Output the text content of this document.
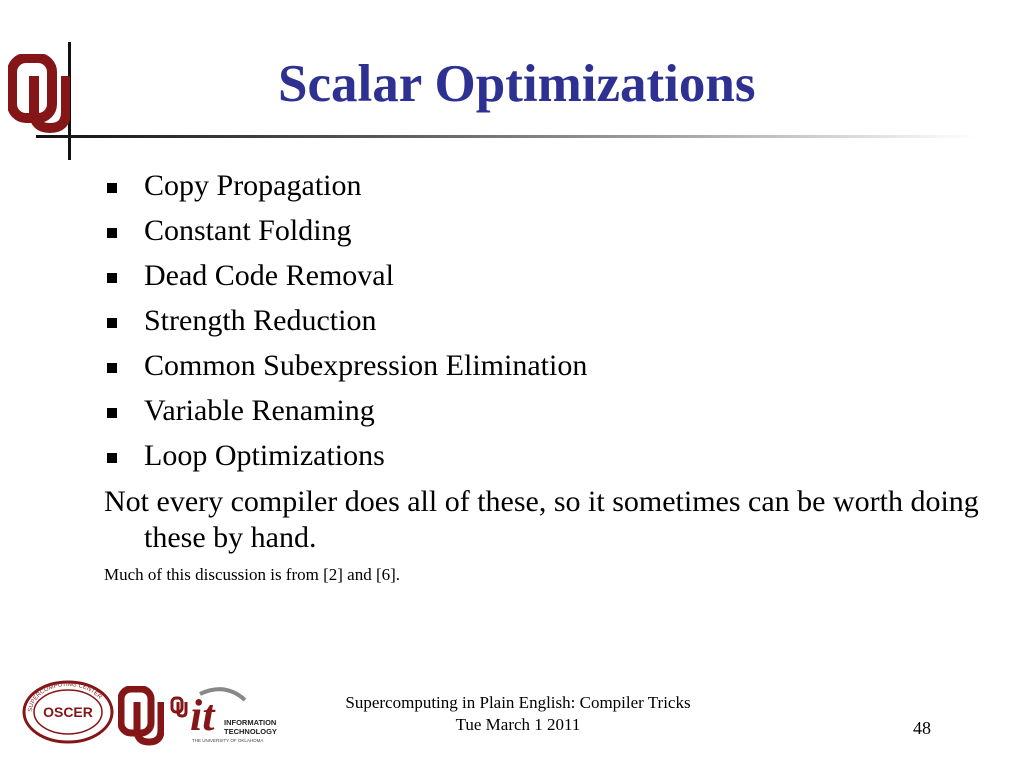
Scalar Optimizations
Copy Propagation
Constant Folding
Dead Code Removal
Strength Reduction
Common Subexpression Elimination
Variable Renaming
Loop Optimizations
Not every compiler does all of these, so it sometimes can be worth doing these by hand.
Much of this discussion is from [2] and [6].
SUPERCOMPUTING CENTER
OSCER it INFORMATION
TECHNOLOGY
THE UNIVERSITY OF OKLAHOMA
Supercomputing in Plain English: Compiler Tricks
Tue March 1 2011	48
